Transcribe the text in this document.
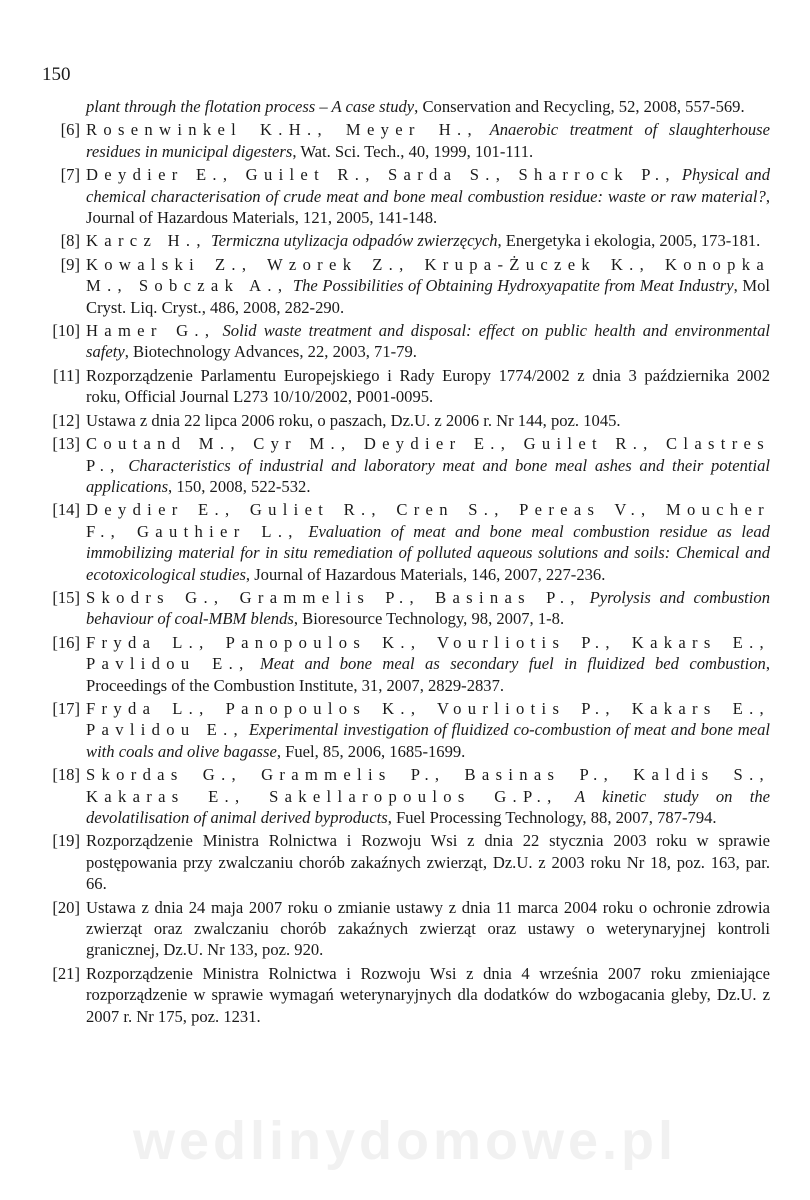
150
plant through the flotation process – A case study, Conservation and Recycling, 52, 2008, 557-569.
[6] Rosenwinkel K.H., Meyer H., Anaerobic treatment of slaughterhouse residues in municipal digesters, Wat. Sci. Tech., 40, 1999, 101-111.
[7] Deydier E., Guilet R., Sarda S., Sharrock P., Physical and chemical characterisation of crude meat and bone meal combustion residue: waste or raw material?, Journal of Hazardous Materials, 121, 2005, 141-148.
[8] Karcz H., Termiczna utylizacja odpadów zwierzęcych, Energetyka i ekologia, 2005, 173-181.
[9] Kowalski Z., Wzorek Z., Krupa-Żuczek K., Konopka M., Sobczak A., The Possibilities of Obtaining Hydroxyapatite from Meat Industry, Mol Cryst. Liq. Cryst., 486, 2008, 282-290.
[10] Hamer G., Solid waste treatment and disposal: effect on public health and environmental safety, Biotechnology Advances, 22, 2003, 71-79.
[11] Rozporządzenie Parlamentu Europejskiego i Rady Europy 1774/2002 z dnia 3 października 2002 roku, Official Journal L273 10/10/2002, P001-0095.
[12] Ustawa z dnia 22 lipca 2006 roku, o paszach, Dz.U. z 2006 r. Nr 144, poz. 1045.
[13] Coutand M., Cyr M., Deydier E., Guilet R., Clastres P., Characteristics of industrial and laboratory meat and bone meal ashes and their potential applications, 150, 2008, 522-532.
[14] Deydier E., Guliet R., Cren S., Pereas V., Moucher F., Gauthier L., Evaluation of meat and bone meal combustion residue as lead immobilizing material for in situ remediation of polluted aqueous solutions and soils: Chemical and ecotoxicological studies, Journal of Hazardous Materials, 146, 2007, 227-236.
[15] Skodrs G., Grammelis P., Basinas P., Pyrolysis and combustion behaviour of coal-MBM blends, Bioresource Technology, 98, 2007, 1-8.
[16] Fryda L., Panopoulos K., Vourliotis P., Kakars E., Pavlidou E., Meat and bone meal as secondary fuel in fluidized bed combustion, Proceedings of the Combustion Institute, 31, 2007, 2829-2837.
[17] Fryda L., Panopoulos K., Vourliotis P., Kakars E., Pavlidou E., Experimental investigation of fluidized co-combustion of meat and bone meal with coals and olive bagasse, Fuel, 85, 2006, 1685-1699.
[18] Skordas G., Grammelis P., Basinas P., Kaldis S., Kakaras E., Sakellaropoulos G.P., A kinetic study on the devolatilisation of animal derived byproducts, Fuel Processing Technology, 88, 2007, 787-794.
[19] Rozporządzenie Ministra Rolnictwa i Rozwoju Wsi z dnia 22 stycznia 2003 roku w sprawie postępowania przy zwalczaniu chorób zakaźnych zwierząt, Dz.U. z 2003 roku Nr 18, poz. 163, par. 66.
[20] Ustawa z dnia 24 maja 2007 roku o zmianie ustawy z dnia 11 marca 2004 roku o ochronie zdrowia zwierząt oraz zwalczaniu chorób zakaźnych zwierząt oraz ustawy o weterynaryjnej kontroli granicznej, Dz.U. Nr 133, poz. 920.
[21] Rozporządzenie Ministra Rolnictwa i Rozwoju Wsi z dnia 4 września 2007 roku zmieniające rozporządzenie w sprawie wymagań weterynaryjnych dla dodatków do wzbogacania gleby, Dz.U. z 2007 r. Nr 175, poz. 1231.
wedlinydomowe.pl
